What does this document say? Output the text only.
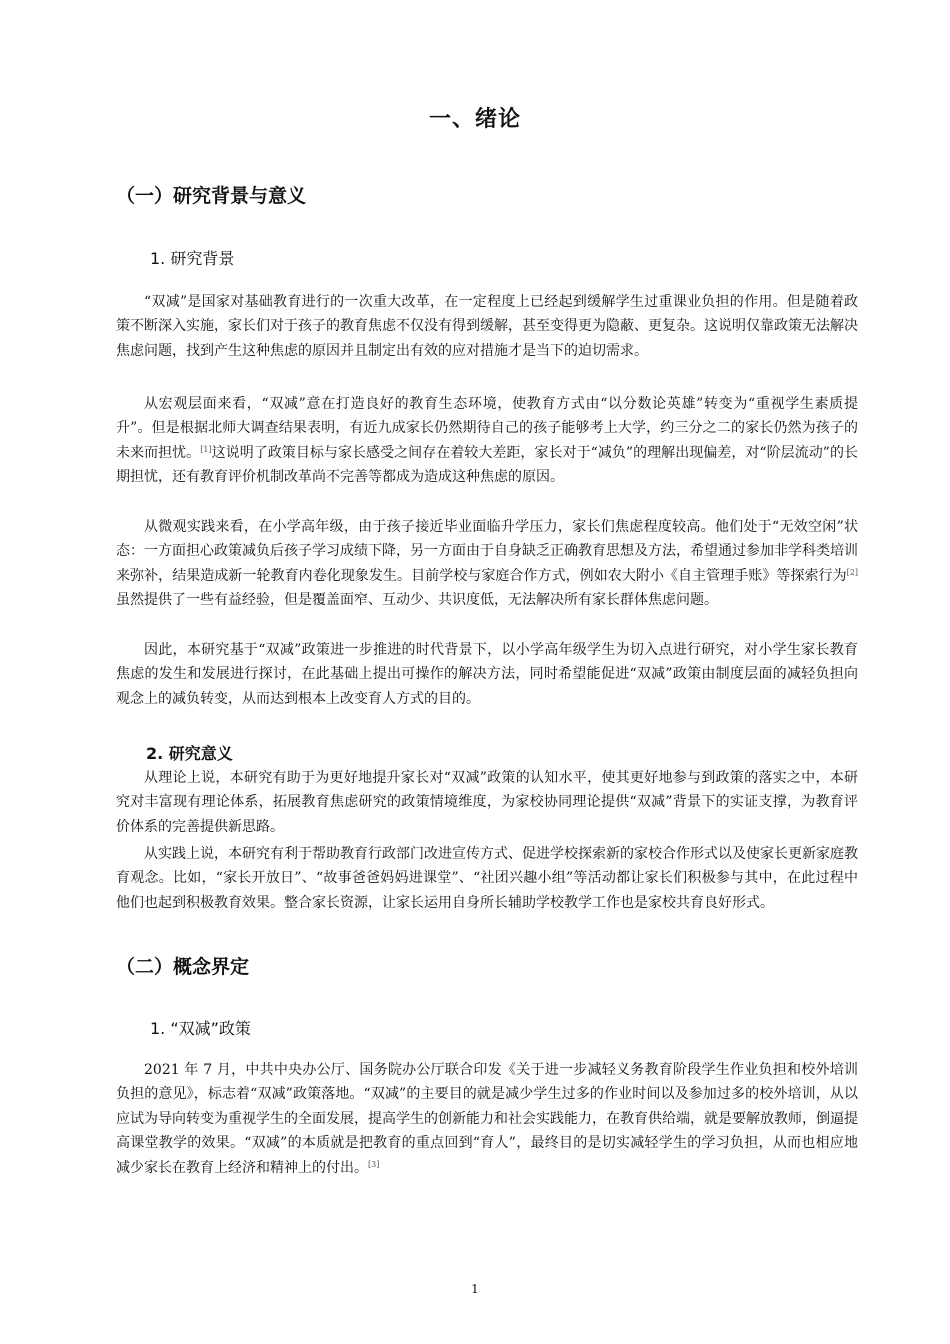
一、绪论
（一）研究背景与意义
1. 研究背景

“双减”是国家对基础教育进行的一次重大改革，在一定程度上已经起到缓解学生过重课业负担的作用。但是随着政策不断深入实施，家长们对于孩子的教育焦虑不仅没有得到缓解，甚至变得更为隐蔽、更复杂。这说明仅靠政策无法解决焦虑问题，找到产生这种焦虑的原因并且制定出有效的应对措施才是当下的迫切需求。

从宏观层面来看，“双减”意在打造良好的教育生态环境，使教育方式由“以分数论英雄”转变为“重视学生素质提升”。但是根据北师大调查结果表明，有近九成家长仍然期待自己的孩子能够考上大学，约三分之二的家长仍然为孩子的未来而担忧。[1]这说明了政策目标与家长感受之间存在着较大差距，家长对于“减负”的理解出现偏差，对“阶层流动”的长期担忧，还有教育评价机制改革尚不完善等都成为造成这种焦虑的原因。

从微观实践来看，在小学高年级，由于孩子接近毕业面临升学压力，家长们焦虑程度较高。他们处于“无效空闲”状态：一方面担心政策减负后孩子学习成绩下降，另一方面由于自身缺乏正确教育思想及方法，希望通过参加非学科类培训来弥补，结果造成新一轮教育内卷化现象发生。目前学校与家庭合作方式，例如农大附小《自主管理手账》等探索行为[2]虽然提供了一些有益经验，但是覆盖面窄、互动少、共识度低，无法解决所有家长群体焦虑问题。

因此，本研究基于“双减”政策进一步推进的时代背景下，以小学高年级学生为切入点进行研究，对小学生家长教育焦虑的发生和发展进行探讨，在此基础上提出可操作的解决方法，同时希望能促进“双减”政策由制度层面的减轻负担向观念上的减负转变，从而达到根本上改变育人方式的目的。

2. 研究意义

从理论上说，本研究有助于为更好地提升家长对“双减”政策的认知水平，使其更好地参与到政策的落实之中，本研究对丰富现有理论体系，拓展教育焦虑研究的政策情境维度，为家校协同理论提供“双减”背景下的实证支撑，为教育评价体系的完善提供新思路。

从实践上说，本研究有利于帮助教育行政部门改进宣传方式、促进学校探索新的家校合作形式以及使家长更新家庭教育观念。比如，“家长开放日”、“故事爸爸妈妈进课堂”、“社团兴趣小组”等活动都让家长们积极参与其中，在此过程中他们也起到积极教育效果。整合家长资源，让家长运用自身所长辅助学校教学工作也是家校共育良好形式。

（二）概念界定
1. “双减”政策

2021 年 7 月，中共中央办公厅、国务院办公厅联合印发《关于进一步减轻义务教育阶段学生作业负担和校外培训负担的意见》，标志着“双减”政策落地。“双减”的主要目的就是减少学生过多的作业时间以及参加过多的校外培训，从以应试为导向转变为重视学生的全面发展，提高学生的创新能力和社会实践能力，在教育供给端，就是要解放教师，倒逼提高课堂教学的效果。“双减”的本质就是把教育的重点回到“育人”，最终目的是切实减轻学生的学习负担，从而也相应地减少家长在教育上经济和精神上的付出。[3]

1
